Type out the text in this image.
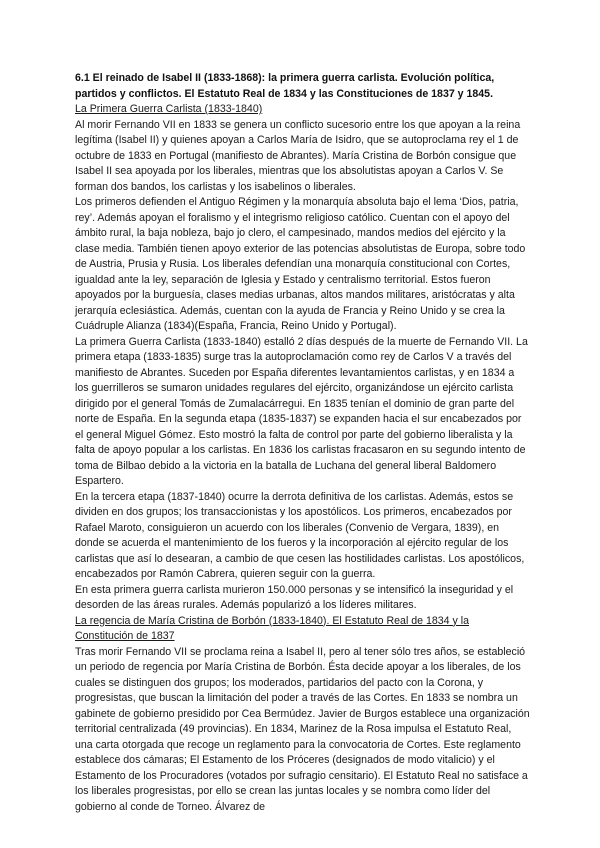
6.1 El reinado de Isabel II (1833-1868): la primera guerra carlista. Evolución política, partidos y conflictos. El Estatuto Real de 1834 y las Constituciones de 1837 y 1845.

La Primera Guerra Carlista (1833-1840)

Al morir Fernando VII en 1833 se genera un conflicto sucesorio entre los que apoyan a la reina legítima (Isabel II) y quienes apoyan a Carlos María de Isidro, que se autoproclama rey el 1 de octubre de 1833 en Portugal (manifiesto de Abrantes). María Cristina de Borbón consigue que Isabel II sea apoyada por los liberales, mientras que los absolutistas apoyan a Carlos V. Se forman dos bandos, los carlistas y los isabelinos o liberales.

Los primeros defienden el Antiguo Régimen y la monarquía absoluta bajo el lema ‘Dios, patria, rey’. Además apoyan el foralismo y el integrismo religioso católico. Cuentan con el apoyo del ámbito rural, la baja nobleza, bajo jo clero, el campesinado, mandos medios del ejército y la clase media. También tienen apoyo exterior de las potencias absolutistas de Europa, sobre todo de Austria, Prusia y Rusia. Los liberales defendían una monarquía constitucional con Cortes, igualdad ante la ley, separación de Iglesia y Estado y centralismo territorial. Estos fueron apoyados por la burguesía, clases medias urbanas, altos mandos militares, aristócratas y alta jerarquía eclesiástica. Además, cuentan con la ayuda de Francia y Reino Unido y se crea la Cuádruple Alianza (1834)(España, Francia, Reino Unido y Portugal).

La primera Guerra Carlista (1833-1840) estalló 2 días después de la muerte de Fernando VII. La primera etapa (1833-1835) surge tras la autoproclamación como rey de Carlos V a través del manifiesto de Abrantes. Suceden por España diferentes levantamientos carlistas, y en 1834 a los guerrilleros se sumaron unidades regulares del ejército, organizándose un ejército carlista dirigido por el general Tomás de Zumalacárregui. En 1835 tenían el dominio de gran parte del norte de España. En la segunda etapa (1835-1837) se expanden hacia el sur encabezados por el general Miguel Gómez. Esto mostró la falta de control por parte del gobierno liberalista y la falta de apoyo popular a los carlistas. En 1836 los carlistas fracasaron en su segundo intento de toma de Bilbao debido a la victoria en la batalla de Luchana del general liberal Baldomero Espartero.

En la tercera etapa (1837-1840) ocurre la derrota definitiva de los carlistas. Además, estos se dividen en dos grupos; los transaccionistas y los apostólicos. Los primeros, encabezados por Rafael Maroto, consiguieron un acuerdo con los liberales (Convenio de Vergara, 1839), en donde se acuerda el mantenimiento de los fueros y la incorporación al ejército regular de los carlistas que así lo desearan, a cambio de que cesen las hostilidades carlistas. Los apostólicos, encabezados por Ramón Cabrera, quieren seguir con la guerra.

En esta primera guerra carlista murieron 150.000 personas y se intensificó la inseguridad y el desorden de las áreas rurales. Además popularizó a los líderes militares.

La regencia de María Cristina de Borbón (1833-1840). El Estatuto Real de 1834 y la Constitución de 1837

Tras morir Fernando VII se proclama reina a Isabel II, pero al tener sólo tres años, se estableció un periodo de regencia por María Cristina de Borbón. Ésta decide apoyar a los liberales, de los cuales se distinguen dos grupos; los moderados, partidarios del pacto con la Corona, y progresistas, que buscan la limitación del poder a través de las Cortes. En 1833 se nombra un gabinete de gobierno presidido por Cea Bermúdez. Javier de Burgos establece una organización territorial centralizada (49 provincias). En 1834, Marinez de la Rosa impulsa el Estatuto Real, una carta otorgada que recoge un reglamento para la convocatoria de Cortes. Este reglamento establece dos cámaras; El Estamento de los Próceres (designados de modo vitalicio) y el Estamento de los Procuradores (votados por sufragio censitario). El Estatuto Real no satisface a los liberales progresistas, por ello se crean las juntas locales y se nombra como líder del gobierno al conde de Torneo. Álvarez de
